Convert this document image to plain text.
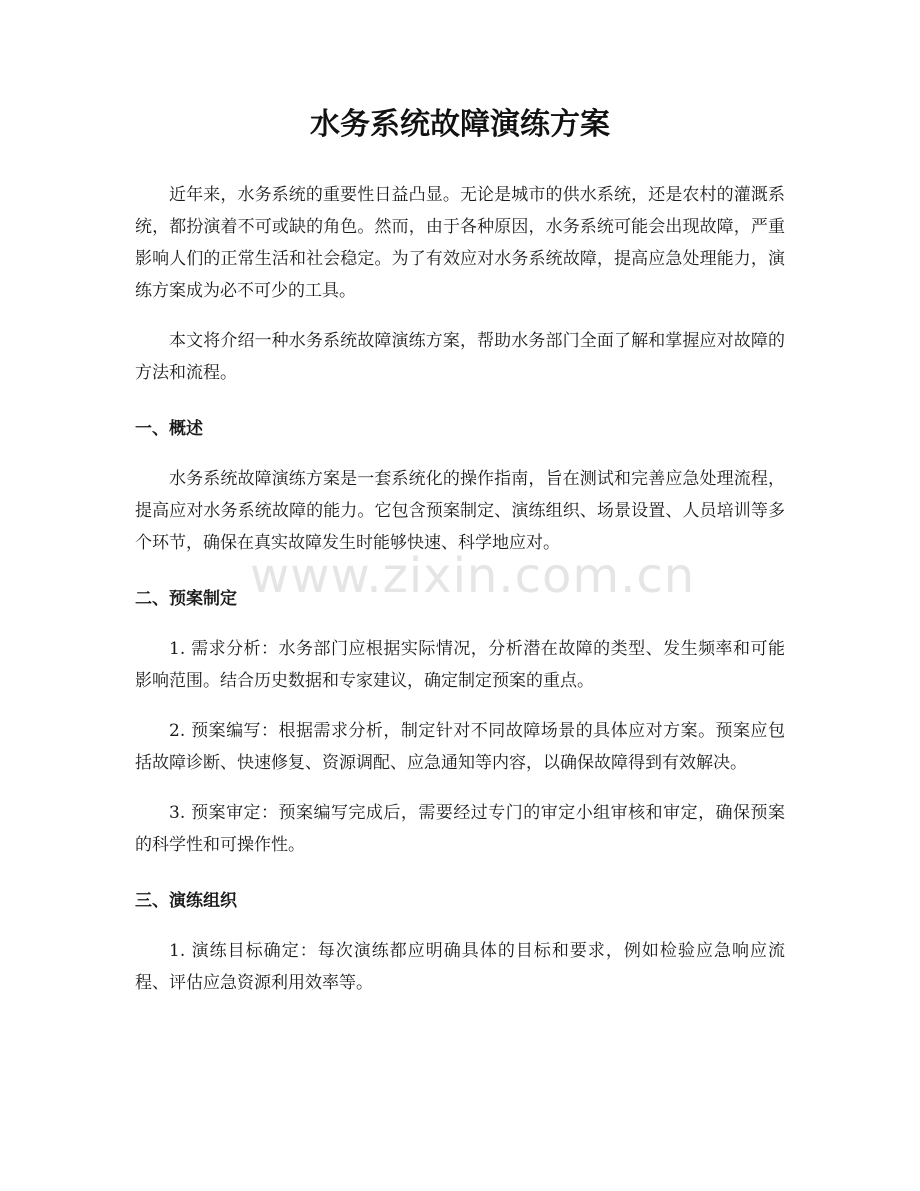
www.zixin.com.cn
水务系统故障演练方案

近年来，水务系统的重要性日益凸显。无论是城市的供水系统，还是农村的灌溉系统，都扮演着不可或缺的角色。然而，由于各种原因，水务系统可能会出现故障，严重影响人们的正常生活和社会稳定。为了有效应对水务系统故障，提高应急处理能力，演练方案成为必不可少的工具。

本文将介绍一种水务系统故障演练方案，帮助水务部门全面了解和掌握应对故障的方法和流程。

一、概述

水务系统故障演练方案是一套系统化的操作指南，旨在测试和完善应急处理流程，提高应对水务系统故障的能力。它包含预案制定、演练组织、场景设置、人员培训等多个环节，确保在真实故障发生时能够快速、科学地应对。

二、预案制定

1. 需求分析：水务部门应根据实际情况，分析潜在故障的类型、发生频率和可能影响范围。结合历史数据和专家建议，确定制定预案的重点。

2. 预案编写：根据需求分析，制定针对不同故障场景的具体应对方案。预案应包括故障诊断、快速修复、资源调配、应急通知等内容，以确保故障得到有效解决。

3. 预案审定：预案编写完成后，需要经过专门的审定小组审核和审定，确保预案的科学性和可操作性。

三、演练组织

1. 演练目标确定：每次演练都应明确具体的目标和要求，例如检验应急响应流程、评估应急资源利用效率等。
